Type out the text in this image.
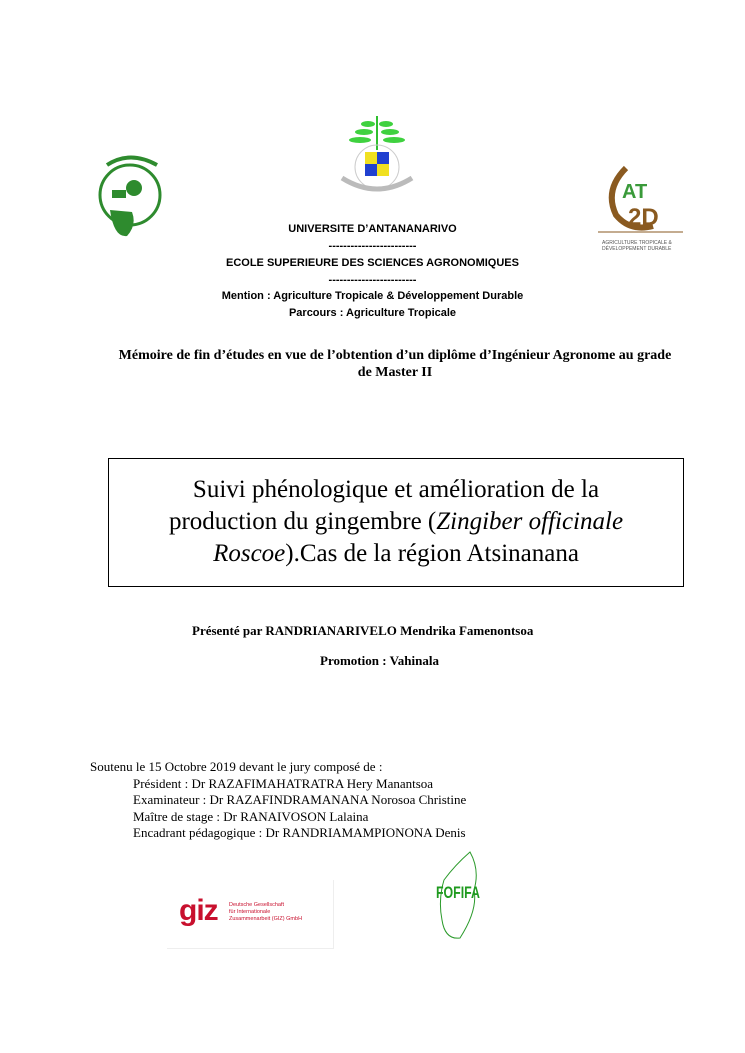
AT
2D
AGRICULTURE TROPICALE &
DÉVELOPPEMENT DURABLE
UNIVERSITE D’ANTANANARIVO
------------------------
ECOLE SUPERIEURE DES SCIENCES AGRONOMIQUES
------------------------
Mention : Agriculture Tropicale & Développement Durable
Parcours : Agriculture Tropicale
Mémoire de fin d’études en vue de l’obtention d’un diplôme d’Ingénieur Agronome au grade
de Master II
Suivi phénologique et amélioration de la production du gingembre (Zingiber officinale Roscoe).Cas de la région Atsinanana
Présenté par RANDRIANARIVELO Mendrika Famenontsoa
Promotion : Vahinala
Soutenu le 15 Octobre 2019 devant le jury composé de :
Président : Dr RAZAFIMAHATRATRA Hery Manantsoa
Examinateur : Dr RAZAFINDRAMANANA Norosoa Christine
Maître de stage : Dr RANAIVOSON Lalaina
Encadrant pédagogique : Dr RANDRIAMAMPIONONA Denis
giz Deutsche Gesellschaft
für Internationale
Zusammenarbeit (GIZ) GmbH
FOFIFA
